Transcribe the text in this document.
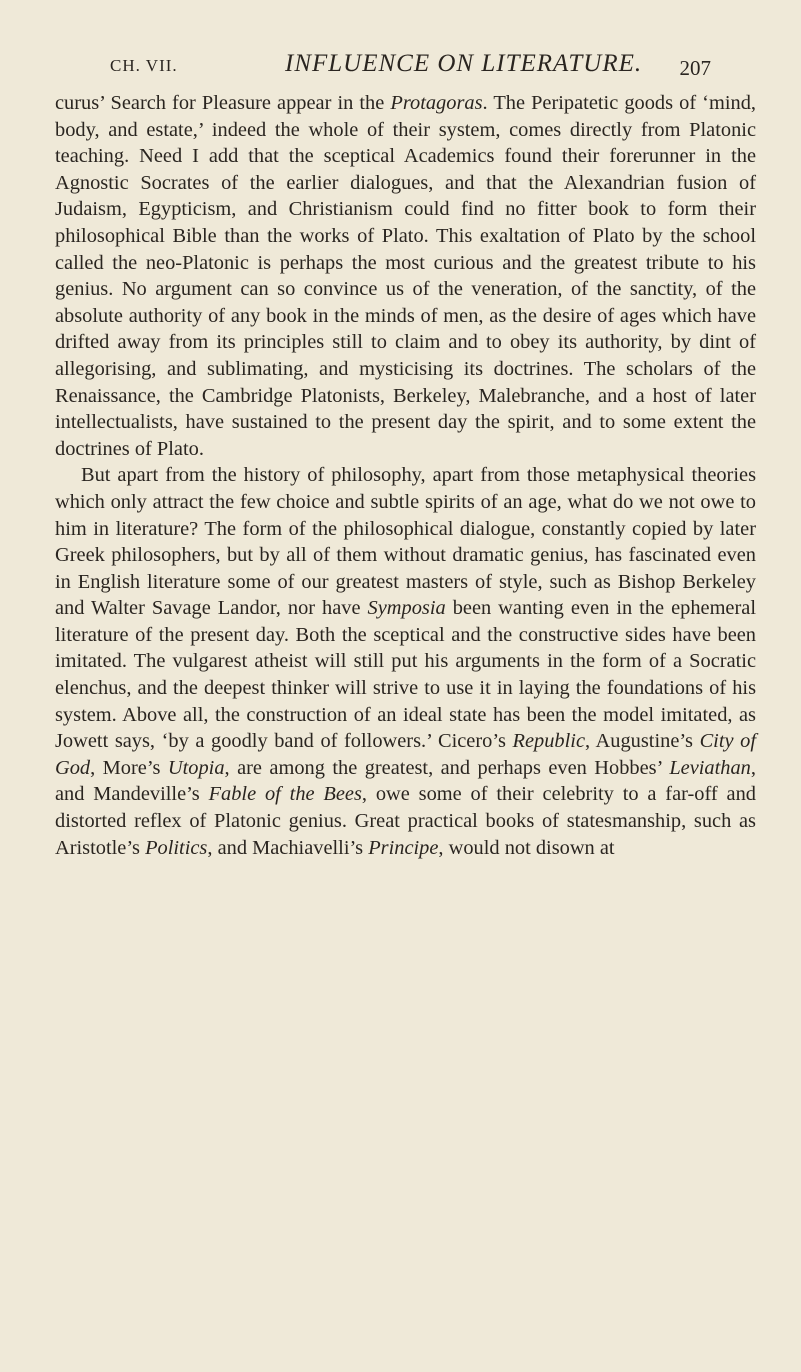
CH. VII.	INFLUENCE ON LITERATURE. 207

curus’ Search for Pleasure appear in the Protagoras. The Peripatetic goods of ‘mind, body, and estate,’ indeed the whole of their system, comes directly from Platonic teaching. Need I add that the sceptical Academics found their forerunner in the Agnostic Socrates of the earlier dialogues, and that the Alexandrian fusion of Judaism, Egypticism, and Christianism could find no fitter book to form their philosophical Bible than the works of Plato. This exaltation of Plato by the school called the neo-Platonic is perhaps the most curious and the greatest tribute to his genius. No argument can so convince us of the veneration, of the sanctity, of the absolute authority of any book in the minds of men, as the desire of ages which have drifted away from its principles still to claim and to obey its authority, by dint of allegorising, and sublimating, and mysticising its doctrines. The scholars of the Renaissance, the Cambridge Platonists, Berkeley, Malebranche, and a host of later intellectualists, have sustained to the present day the spirit, and to some extent the doctrines of Plato.

But apart from the history of philosophy, apart from those metaphysical theories which only attract the few choice and subtle spirits of an age, what do we not owe to him in literature? The form of the philosophical dialogue, constantly copied by later Greek philosophers, but by all of them without dramatic genius, has fascinated even in English literature some of our greatest masters of style, such as Bishop Berkeley and Walter Savage Landor, nor have Symposia been wanting even in the ephemeral literature of the present day. Both the sceptical and the constructive sides have been imitated. The vulgarest atheist will still put his arguments in the form of a Socratic elenchus, and the deepest thinker will strive to use it in laying the foundations of his system. Above all, the construction of an ideal state has been the model imitated, as Jowett says, ‘by a goodly band of followers.’ Cicero’s Republic, Augustine’s City of God, More’s Utopia, are among the greatest, and perhaps even Hobbes’ Leviathan, and Mandeville’s Fable of the Bees, owe some of their celebrity to a far-off and distorted reflex of Platonic genius. Great practical books of statesmanship, such as Aristotle’s Politics, and Machiavelli’s Principe, would not disown at
